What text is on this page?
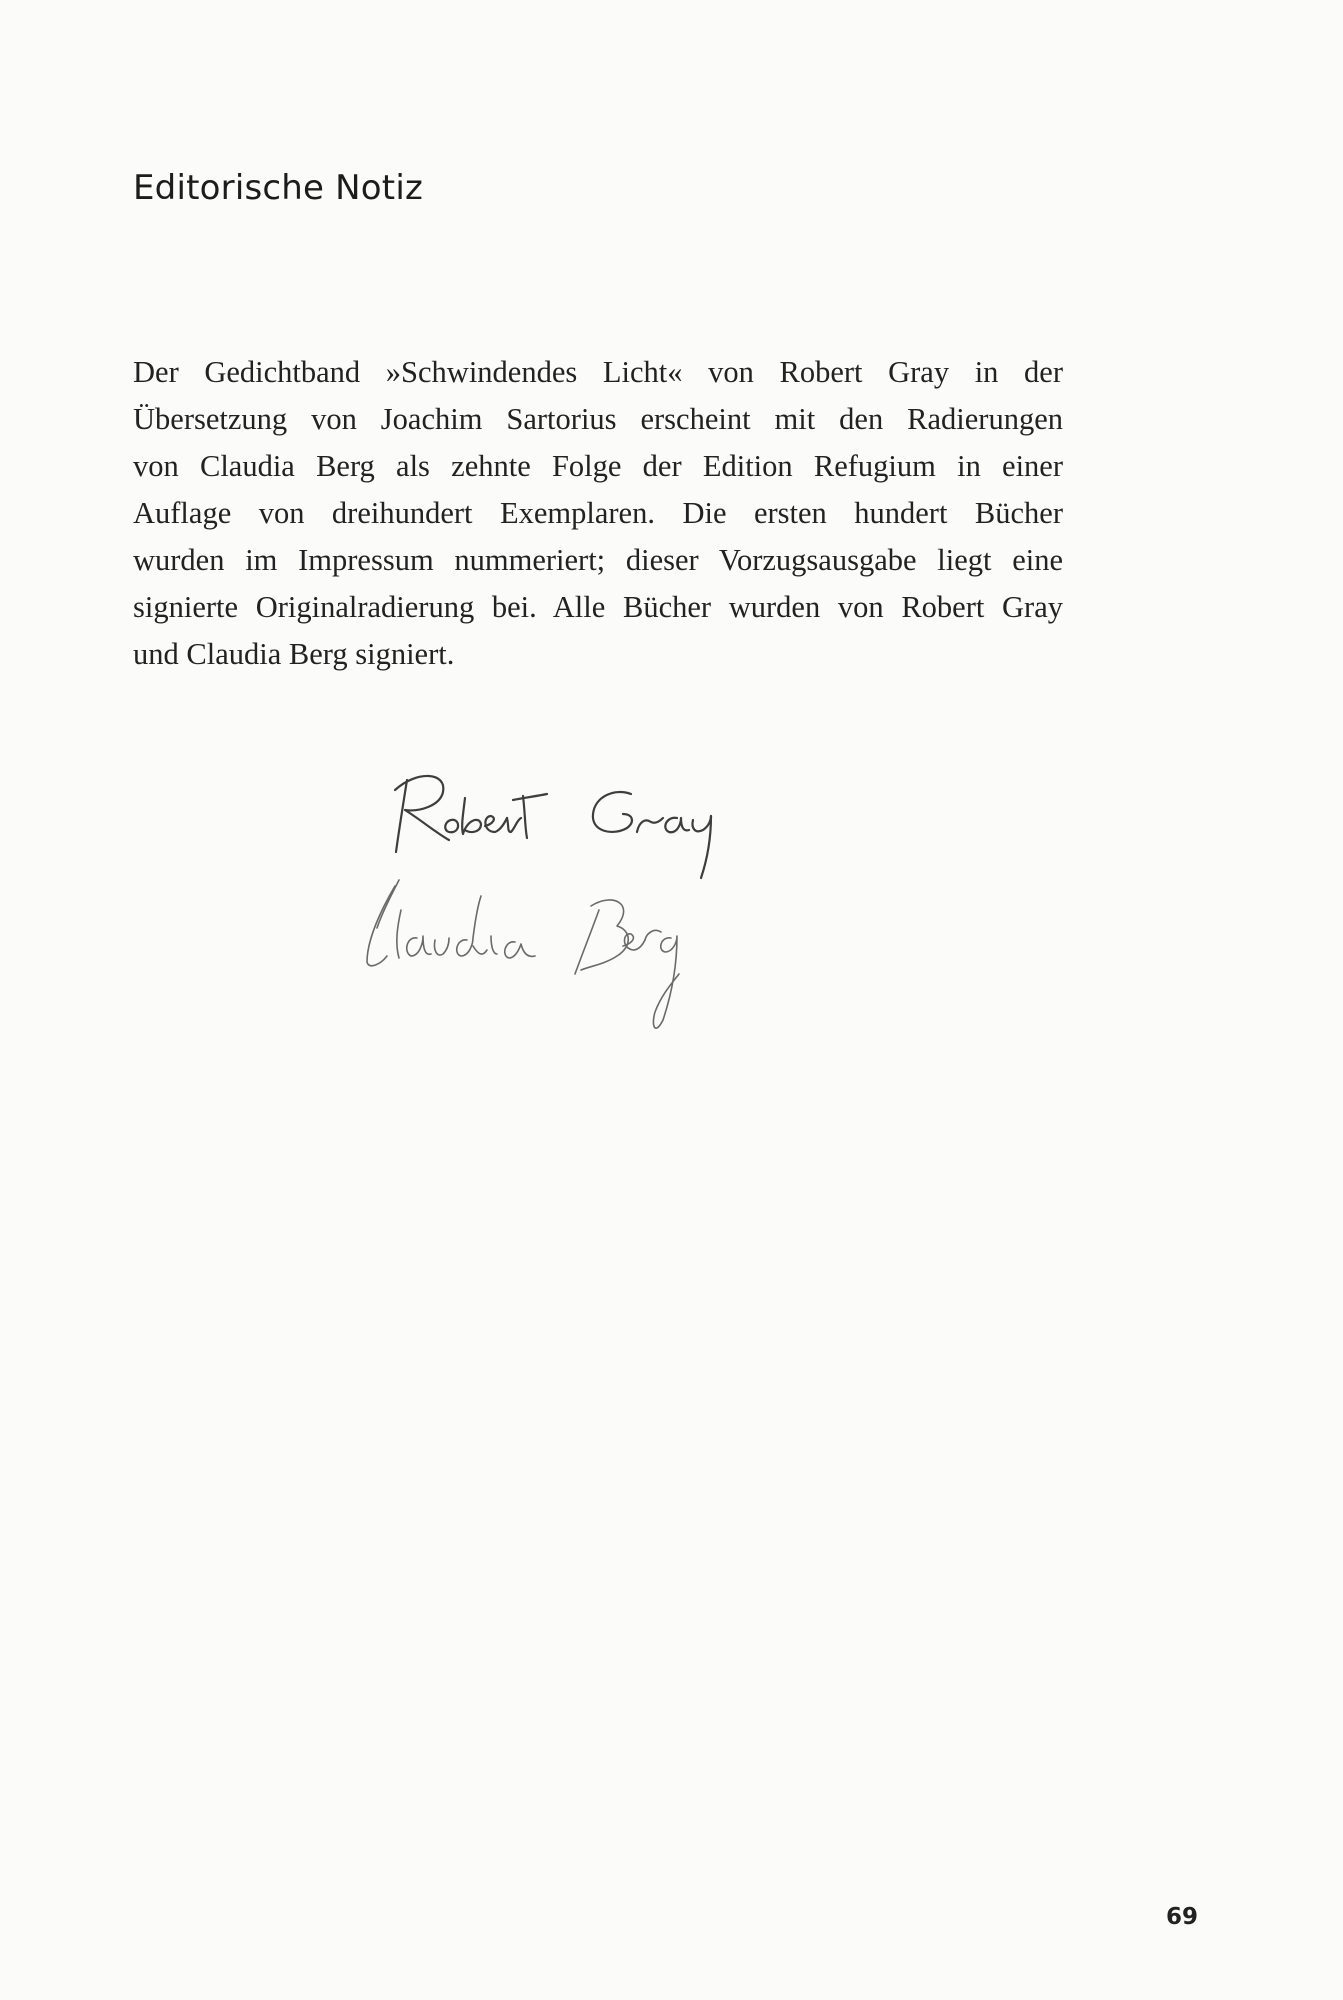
Editorische Notiz

Der Gedichtband »Schwindendes Licht« von Robert Gray in der
Übersetzung von Joachim Sartorius erscheint mit den Radierungen
von Claudia Berg als zehnte Folge der Edition Refugium in einer
Auflage von dreihundert Exemplaren. Die ersten hundert Bücher
wurden im Impressum nummeriert; dieser Vorzugsausgabe liegt eine
signierte Originalradierung bei. Alle Bücher wurden von Robert Gray
und Claudia Berg signiert.

69
